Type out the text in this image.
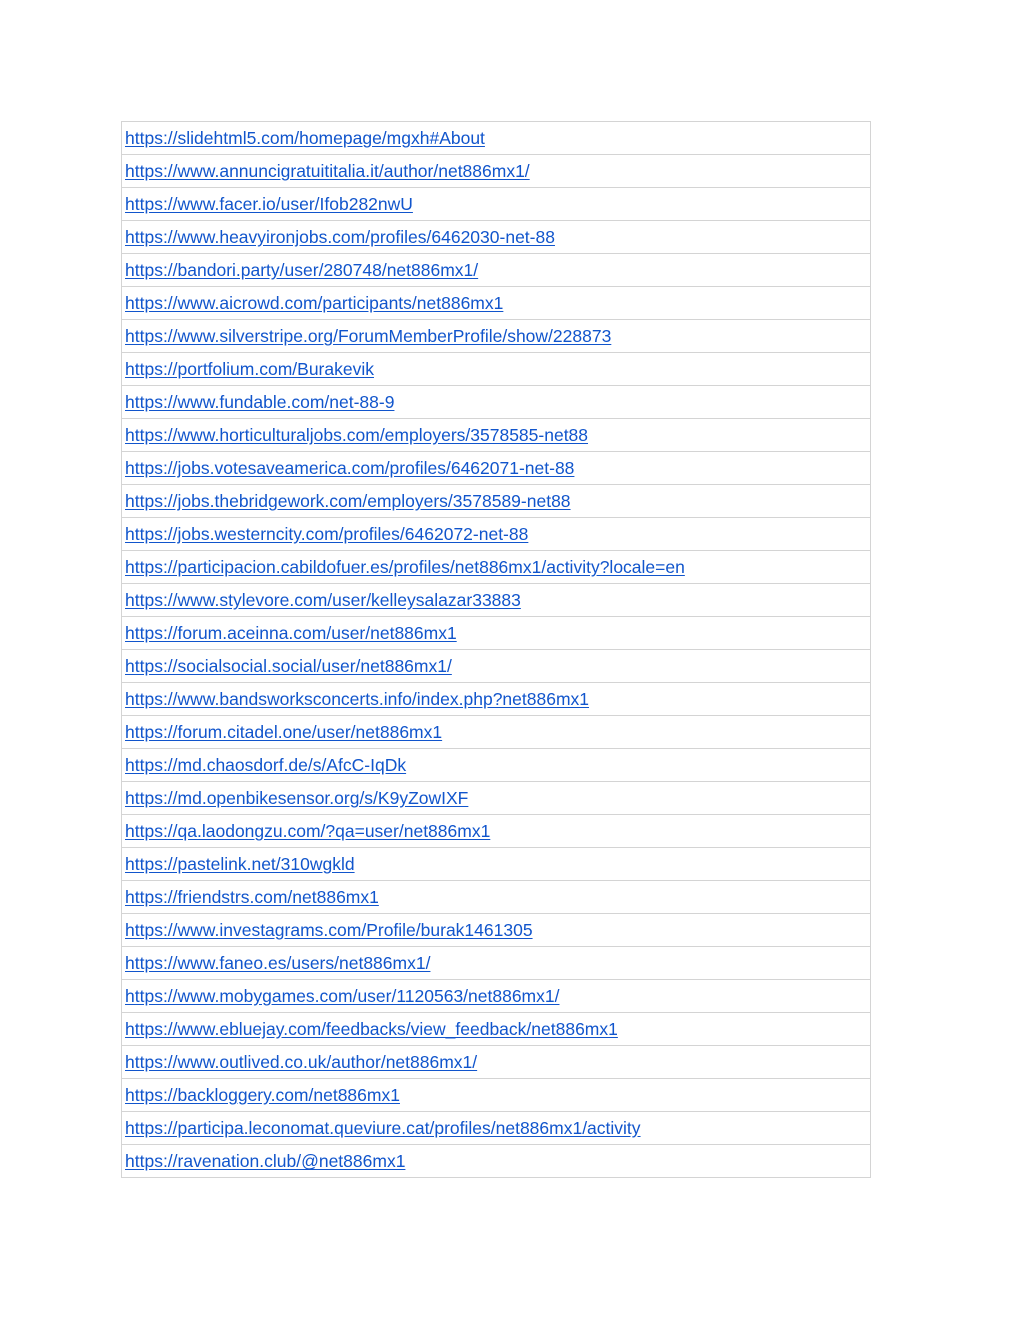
https://slidehtml5.com/homepage/mgxh#About
https://www.annuncigratuititalia.it/author/net886mx1/
https://www.facer.io/user/Ifob282nwU
https://www.heavyironjobs.com/profiles/6462030-net-88
https://bandori.party/user/280748/net886mx1/
https://www.aicrowd.com/participants/net886mx1
https://www.silverstripe.org/ForumMemberProfile/show/228873
https://portfolium.com/Burakevik
https://www.fundable.com/net-88-9
https://www.horticulturaljobs.com/employers/3578585-net88
https://jobs.votesaveamerica.com/profiles/6462071-net-88
https://jobs.thebridgework.com/employers/3578589-net88
https://jobs.westerncity.com/profiles/6462072-net-88
https://participacion.cabildofuer.es/profiles/net886mx1/activity?locale=en
https://www.stylevore.com/user/kelleysalazar33883
https://forum.aceinna.com/user/net886mx1
https://socialsocial.social/user/net886mx1/
https://www.bandsworksconcerts.info/index.php?net886mx1
https://forum.citadel.one/user/net886mx1
https://md.chaosdorf.de/s/AfcC-IqDk
https://md.openbikesensor.org/s/K9yZowIXF
https://qa.laodongzu.com/?qa=user/net886mx1
https://pastelink.net/310wgkld
https://friendstrs.com/net886mx1
https://www.investagrams.com/Profile/burak1461305
https://www.faneo.es/users/net886mx1/
https://www.mobygames.com/user/1120563/net886mx1/
https://www.ebluejay.com/feedbacks/view_feedback/net886mx1
https://www.outlived.co.uk/author/net886mx1/
https://backloggery.com/net886mx1
https://participa.leconomat.queviure.cat/profiles/net886mx1/activity
https://ravenation.club/@net886mx1
